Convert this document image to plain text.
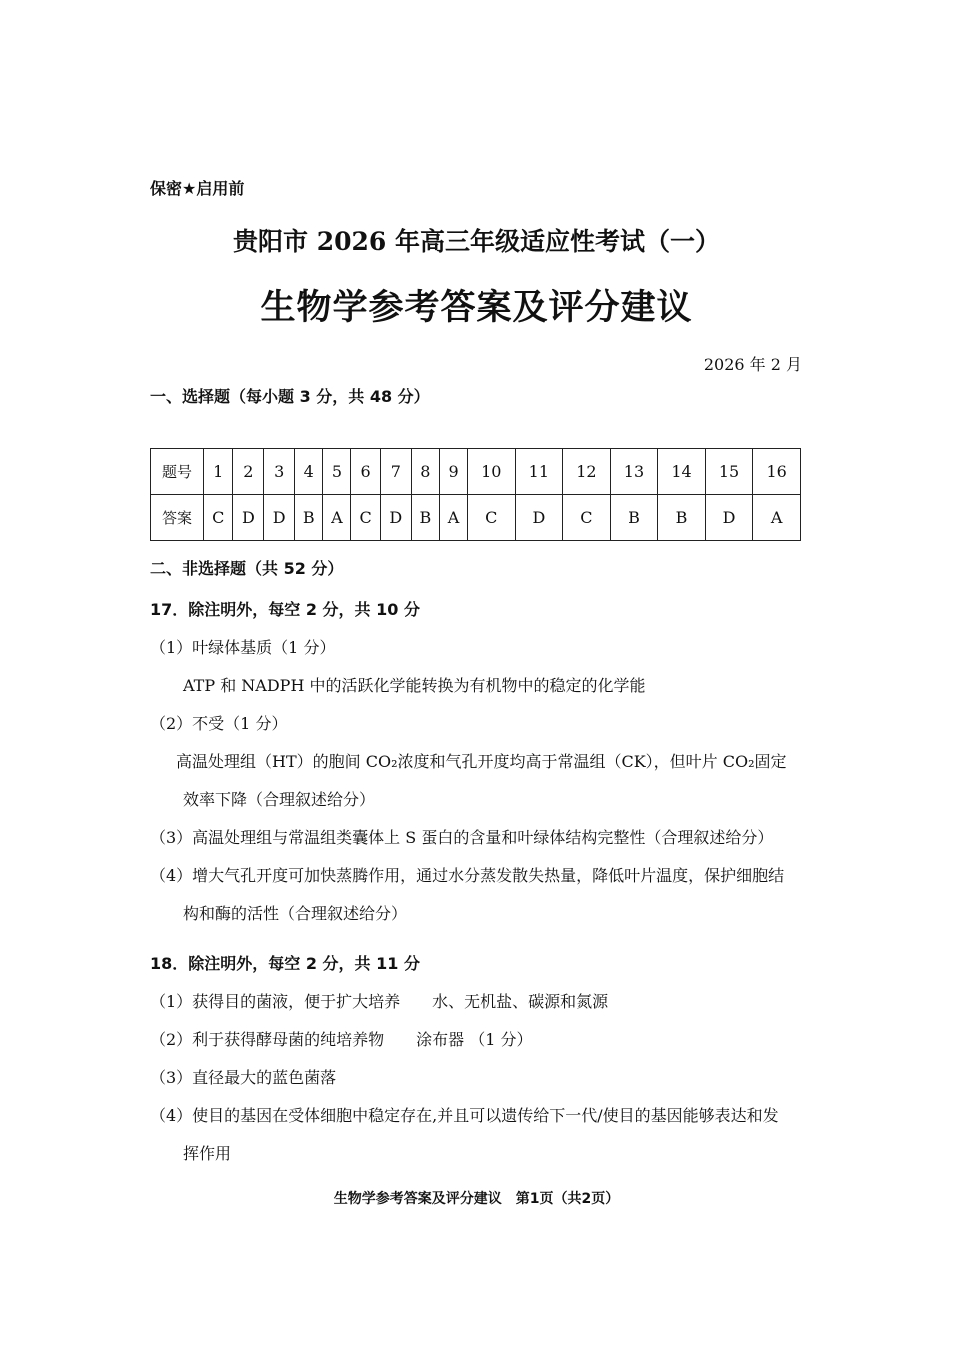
保密★启用前
贵阳市 2026 年高三年级适应性考试（一）
生物学参考答案及评分建议
2026 年 2 月
一、选择题（每小题 3 分，共 48 分）
题号	1	2	3	4	5	6	7	8	9	10	11	12	13	14	15	16
答案	C	D	D	B	A	C	D	B	A	C	D	C	B	B	D	A
二、非选择题（共 52 分）
17．除注明外，每空 2 分，共 10 分
（1）叶绿体基质（1 分）
ATP 和 NADPH 中的活跃化学能转换为有机物中的稳定的化学能
（2）不受（1 分）
高温处理组（HT）的胞间 CO₂浓度和气孔开度均高于常温组（CK），但叶片 CO₂固定
效率下降（合理叙述给分）
（3）高温处理组与常温组类囊体上 S 蛋白的含量和叶绿体结构完整性（合理叙述给分）
（4）增大气孔开度可加快蒸腾作用，通过水分蒸发散失热量，降低叶片温度，保护细胞结
构和酶的活性（合理叙述给分）
18．除注明外，每空 2 分，共 11 分
（1）获得目的菌液，便于扩大培养　　水、无机盐、碳源和氮源
（2）利于获得酵母菌的纯培养物　　涂布器 （1 分）
（3）直径最大的蓝色菌落
（4）使目的基因在受体细胞中稳定存在,并且可以遗传给下一代/使目的基因能够表达和发
挥作用
生物学参考答案及评分建议　第1页（共2页）
